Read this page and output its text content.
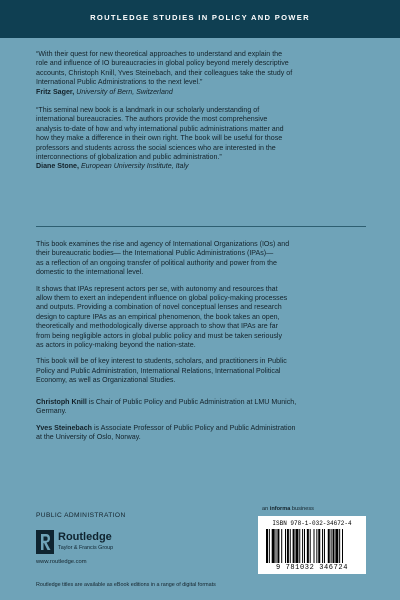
ROUTLEDGE STUDIES IN POLICY AND POWER

“With their quest for new theoretical approaches to understand and explain the

role and influence of IO bureaucracies in global policy beyond merely descriptive

accounts, Christoph Knill, Yves Steinebach, and their colleagues take the study of

International Public Administrations to the next level.”

Fritz Sager, University of Bern, Switzerland

“This seminal new book is a landmark in our scholarly understanding of

international bureaucracies. The authors provide the most comprehensive

analysis to-date of how and why international public administrations matter and

how they make a difference in their own right. The book will be useful for those

professors and students across the social sciences who are interested in the

interconnections of globalization and public administration.”

Diane Stone, European University Institute, Italy

This book examines the rise and agency of International Organizations (IOs) and
their bureaucratic bodies— the International Public Administrations (IPAs)—
as a reflection of an ongoing transfer of political authority and power from the
domestic to the international level.

It shows that IPAs represent actors per se, with autonomy and resources that
allow them to exert an independent influence on global policy-making processes
and outputs. Providing a combination of novel conceptual lenses and research
design to capture IPAs as an empirical phenomenon, the book takes an open,
theoretically and methodologically diverse approach to show that IPAs are far
from being negligible actors in global public policy and must be taken seriously
as actors in policy-making beyond the nation-state.

This book will be of key interest to students, scholars, and practitioners in Public
Policy and Public Administration, International Relations, International Political
Economy, as well as Organizational Studies.

Christoph Knill is Chair of Public Policy and Public Administration at LMU Munich,
Germany.

Yves Steinebach is Associate Professor of Public Policy and Public Administration
at the University of Oslo, Norway.

PUBLIC ADMINISTRATION
Routledge
Taylor & Francis Group
www.routledge.com
Routledge titles are available as eBook editions in a range of digital formats
an informa business
ISBN 978-1-032-34672-4
9 781032 346724
